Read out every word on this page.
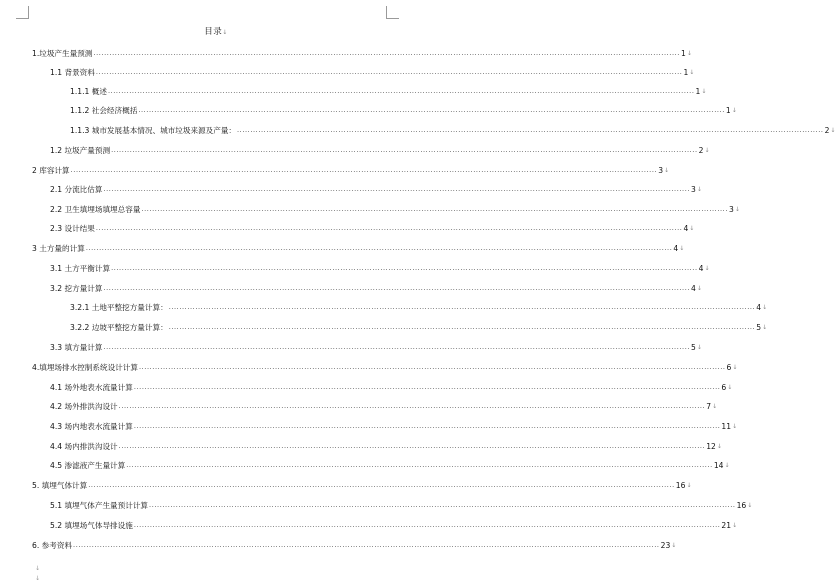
目录↓
1.垃圾产生量预测 ............................................................................................................................................................................................................................ 1 ↓
1.1 背景资料 ............................................................................................................................................................................................................................ 1 ↓
1.1.1 概述 ............................................................................................................................................................................................................................ 1 ↓
1.1.2 社会经济概括 ............................................................................................................................................................................................................................ 1 ↓
1.1.3 城市发展基本情况、城市垃圾来源及产量： ............................................................................................................................................................................................................................ 2 ↓
1.2 垃圾产量预测 ............................................................................................................................................................................................................................ 2 ↓
2 库容计算 ............................................................................................................................................................................................................................ 3 ↓
2.1 分流比估算 ............................................................................................................................................................................................................................ 3 ↓
2.2 卫生填埋场填埋总容量 ............................................................................................................................................................................................................................ 3 ↓
2.3 设计结果 ............................................................................................................................................................................................................................ 4 ↓
3 土方量的计算 ............................................................................................................................................................................................................................ 4 ↓
3.1 土方平衡计算 ............................................................................................................................................................................................................................ 4 ↓
3.2 挖方量计算 ............................................................................................................................................................................................................................ 4 ↓
3.2.1 土地平整挖方量计算： ............................................................................................................................................................................................................................ 4 ↓
3.2.2 边坡平整挖方量计算： ............................................................................................................................................................................................................................ 5 ↓
3.3 填方量计算 ............................................................................................................................................................................................................................ 5 ↓
4.填埋场排水控制系统设计计算 ............................................................................................................................................................................................................................ 6 ↓
4.1 场外地表水流量计算 ............................................................................................................................................................................................................................ 6 ↓
4.2 场外排洪沟设计 ............................................................................................................................................................................................................................ 7 ↓
4.3 场内地表水流量计算 ............................................................................................................................................................................................................................ 11 ↓
4.4 场内排洪沟设计 ............................................................................................................................................................................................................................ 12 ↓
4.5 渗滤液产生量计算 ............................................................................................................................................................................................................................ 14 ↓
5. 填埋气体计算 ............................................................................................................................................................................................................................ 16 ↓
5.1 填埋气体产生量预计计算 ............................................................................................................................................................................................................................ 16 ↓
5.2 填埋场气体导排设施 ............................................................................................................................................................................................................................ 21 ↓
6. 参考资料 ............................................................................................................................................................................................................................ 23 ↓
↓
↓
